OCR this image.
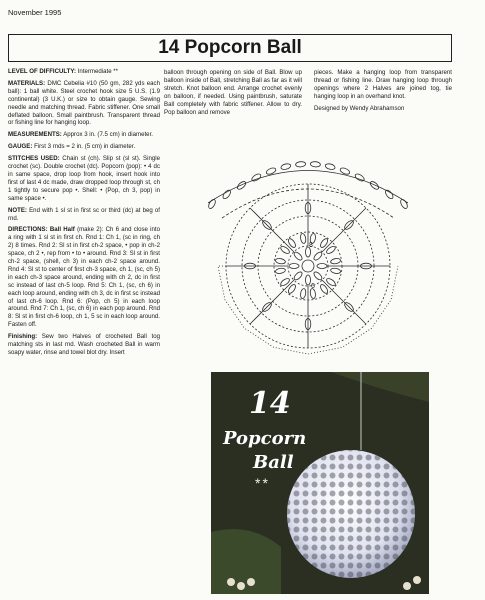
November 1995
14 Popcorn Ball

LEVEL OF DIFFICULTY: Intermediate **

MATERIALS: DMC Cebelia #10 (50 gm, 282 yds each ball): 1 ball white. Steel crochet hook size 5 U.S. (1.9 continental) (3 U.K.) or size to obtain gauge. Sewing needle and matching thread. Fabric stiffener. One small deflated balloon. Small paintbrush. Transparent thread or fishing line for hanging loop.

MEASUREMENTS: Approx 3 in. (7.5 cm) in diameter.

GAUGE: First 3 rnds = 2 in. (5 cm) in diameter.

STITCHES USED: Chain st (ch). Slip st (sl st). Single crochet (sc). Double crochet (dc). Popcorn (pop): • 4 dc in same space, drop loop from hook, insert hook into first of last 4 dc made, draw dropped loop through st, ch 1 tightly to secure pop •. Shell: • (Pop, ch 3, pop) in same space •.

NOTE: End with 1 sl st in first sc or third (dc) at beg of rnd.

DIRECTIONS: Ball Half (make 2): Ch 6 and close into a ring with 1 sl st in first ch. Rnd 1: Ch 1, (sc in ring, ch 2) 8 times. Rnd 2: Sl st in first ch-2 space, • pop in ch-2 space, ch 2 •, rep from • to • around. Rnd 3: Sl st in first ch-2 space, (shell, ch 3) in each ch-2 space around. Rnd 4: Sl st to center of first ch-3 space, ch 1, (sc, ch 5) in each ch-3 space around, ending with ch 2, dc in first sc instead of last ch-5 loop. Rnd 5: Ch 1, (sc, ch 6) in each loop around, ending with ch 3, dc in first sc instead of last ch-6 loop. Rnd 6: (Pop, ch 5) in each loop around. Rnd 7: Ch 1, (sc, ch 6) in each pop around. Rnd 8: Sl st in first ch-6 loop, ch 1, 5 sc in each loop around. Fasten off.

Finishing: Sew two Halves of crocheted Ball tog matching sts in last rnd. Wash crocheted Ball in warm soapy water, rinse and towel blot dry. Insert

balloon through opening on side of Ball. Blow up balloon inside of Ball, stretching Ball as far as it will stretch. Knot balloon end. Arrange crochet evenly on balloon, if needed. Using paintbrush, saturate Ball completely with fabric stiffener. Allow to dry. Pop balloon and remove

pieces. Make a hanging loop from transparent thread or fishing line. Draw hanging loop through openings where 2 Halves are joined tog, tie hanging loop in an overhand knot.

Designed by Wendy Abrahamson

8
6
14
Popcorn
Ball
**
